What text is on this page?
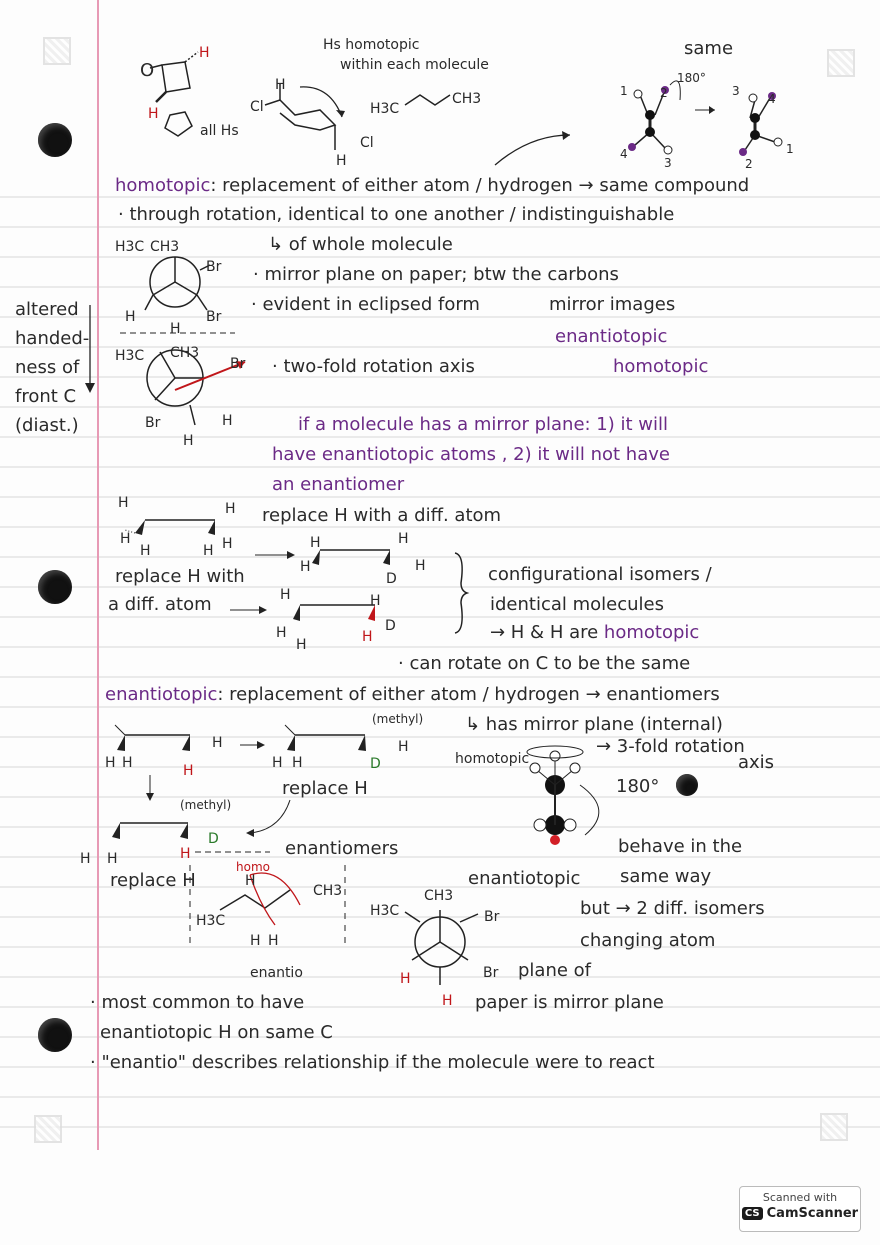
O
H
H
all Hs
Hs homotopic
within each molecule
H
Cl
Cl
H
H3C
CH3
same
180°
1	2
4
3
3
4
1
2
homotopic: replacement of either atom / hydrogen → same compound
· through rotation, identical to one another / indistinguishable
↳ of whole molecule
H3C CH3
Br
Br
H
H
H3C CH3
Br
Br	H
H
altered
handed-
ness of
front C
(diast.)
· mirror plane on paper; btw the carbons
· evident in eclipsed form	mirror images
enantiotopic
· two-fold rotation axis	homotopic
if a molecule has a mirror plane: 1) it will
have enantiotopic atoms , 2) it will not have
an enantiomer
H	H
H
H	H H
replace H with a diff. atom
H
H
H
H
D
replace H with
a diff. atom	H
H
H
H
D
H
configurational isomers /
identical molecules
→ H & H are homotopic
· can rotate on C to be the same
enantiotopic: replacement of either atom / hydrogen → enantiomers
(methyl) ↳ has mirror plane (internal)
H
H H	H
H
H H	D
replace H
(methyl)
D
H H	H	enantiomers
homo
replace H	H
CH3
H3C
H H
enantio
homotopic
→ 3-fold rotation
axis
180°
enantiotopic
behave in the
same way
but → 2 diff. isomers
changing atom
CH3
H3C	Br
H	Br
H
plane of
paper is mirror plane
· most common to have
enantiotopic H on same C
· "enantio" describes relationship if the molecule were to react
Scanned with
CS CamScanner
